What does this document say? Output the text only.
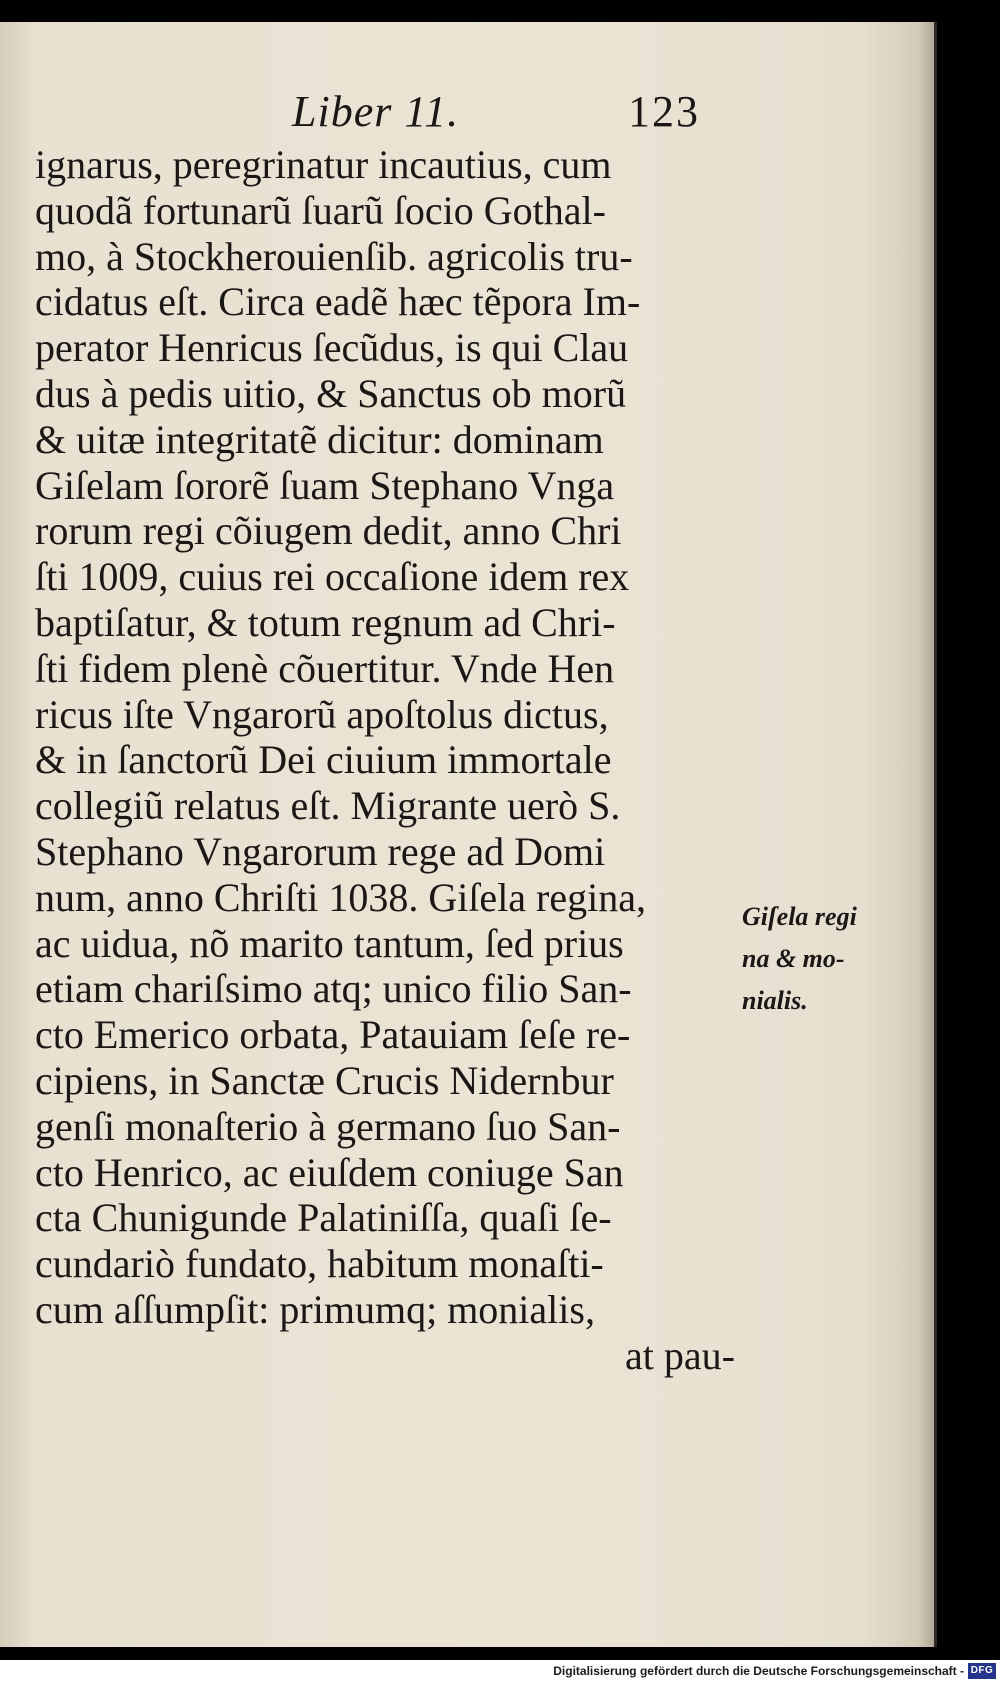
Liber 11.	123
ignarus, peregrinatur incautius, cum
quodã fortunarũ ſuarũ ſocio Gothal-
mo, à Stockherouienſib. agricolis tru-
cidatus eſt. Circa eadẽ hæc tẽpora Im-
perator Henricus ſecũdus, is qui Clau
dus à pedis uitio, & Sanctus ob morũ
& uitæ integritatẽ dicitur: dominam
Giſelam ſororẽ ſuam Stephano Vnga
rorum regi cõiugem dedit, anno Chri
ſti 1009, cuius rei occaſione idem rex
baptiſatur, & totum regnum ad Chri-
ſti fidem plenè cõuertitur. Vnde Hen
ricus iſte Vngarorũ apoſtolus dictus,
& in ſanctorũ Dei ciuium immortale
collegiũ relatus eſt. Migrante uerò S.
Stephano Vngarorum rege ad Domi
num, anno Chriſti 1038. Giſela regina,
ac uidua, nõ marito tantum, ſed prius
etiam chariſsimo atq; unico filio San-
cto Emerico orbata, Patauiam ſeſe re-
cipiens, in Sanctæ Crucis Nidernbur
genſi monaſterio à germano ſuo San-
cto Henrico, ac eiuſdem coniuge San
cta Chunigunde Palatiniſſa, quaſi ſe-
cundariò fundato, habitum monaſti-
cum aſſumpſit: primumq; monialis,
at pau-
Giſela regi
na & mo-
nialis.
Digitalisierung gefördert durch die Deutsche Forschungsgemeinschaft - DFG
